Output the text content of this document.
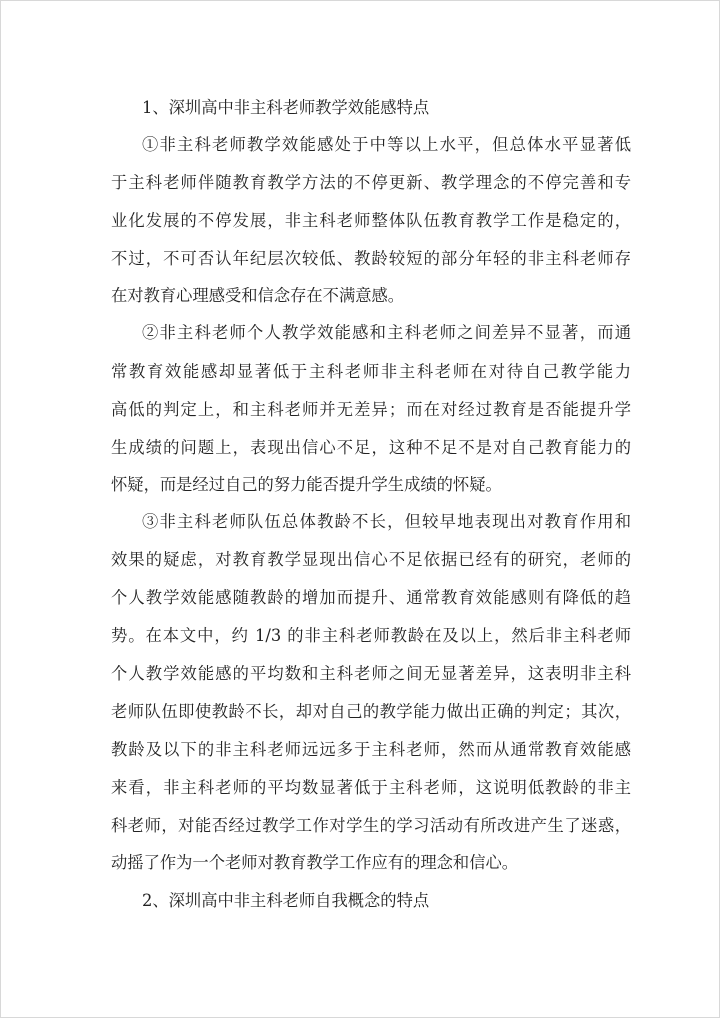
1、深圳高中非主科老师教学效能感特点
①非主科老师教学效能感处于中等以上水平，但总体水平显著低
于主科老师伴随教育教学方法的不停更新、教学理念的不停完善和专
业化发展的不停发展，非主科老师整体队伍教育教学工作是稳定的，
不过，不可否认年纪层次较低、教龄较短的部分年轻的非主科老师存
在对教育心理感受和信念存在不满意感。
②非主科老师个人教学效能感和主科老师之间差异不显著，而通
常教育效能感却显著低于主科老师非主科老师在对待自己教学能力
高低的判定上，和主科老师并无差异；而在对经过教育是否能提升学
生成绩的问题上，表现出信心不足，这种不足不是对自己教育能力的
怀疑，而是经过自己的努力能否提升学生成绩的怀疑。
③非主科老师队伍总体教龄不长，但较早地表现出对教育作用和
效果的疑虑，对教育教学显现出信心不足依据已经有的研究，老师的
个人教学效能感随教龄的增加而提升、通常教育效能感则有降低的趋
势。在本文中，约 1/3 的非主科老师教龄在及以上，然后非主科老师
个人教学效能感的平均数和主科老师之间无显著差异，这表明非主科
老师队伍即使教龄不长，却对自己的教学能力做出正确的判定；其次，
教龄及以下的非主科老师远远多于主科老师，然而从通常教育效能感
来看，非主科老师的平均数显著低于主科老师，这说明低教龄的非主
科老师，对能否经过教学工作对学生的学习活动有所改进产生了迷惑，
动摇了作为一个老师对教育教学工作应有的理念和信心。
2、深圳高中非主科老师自我概念的特点
